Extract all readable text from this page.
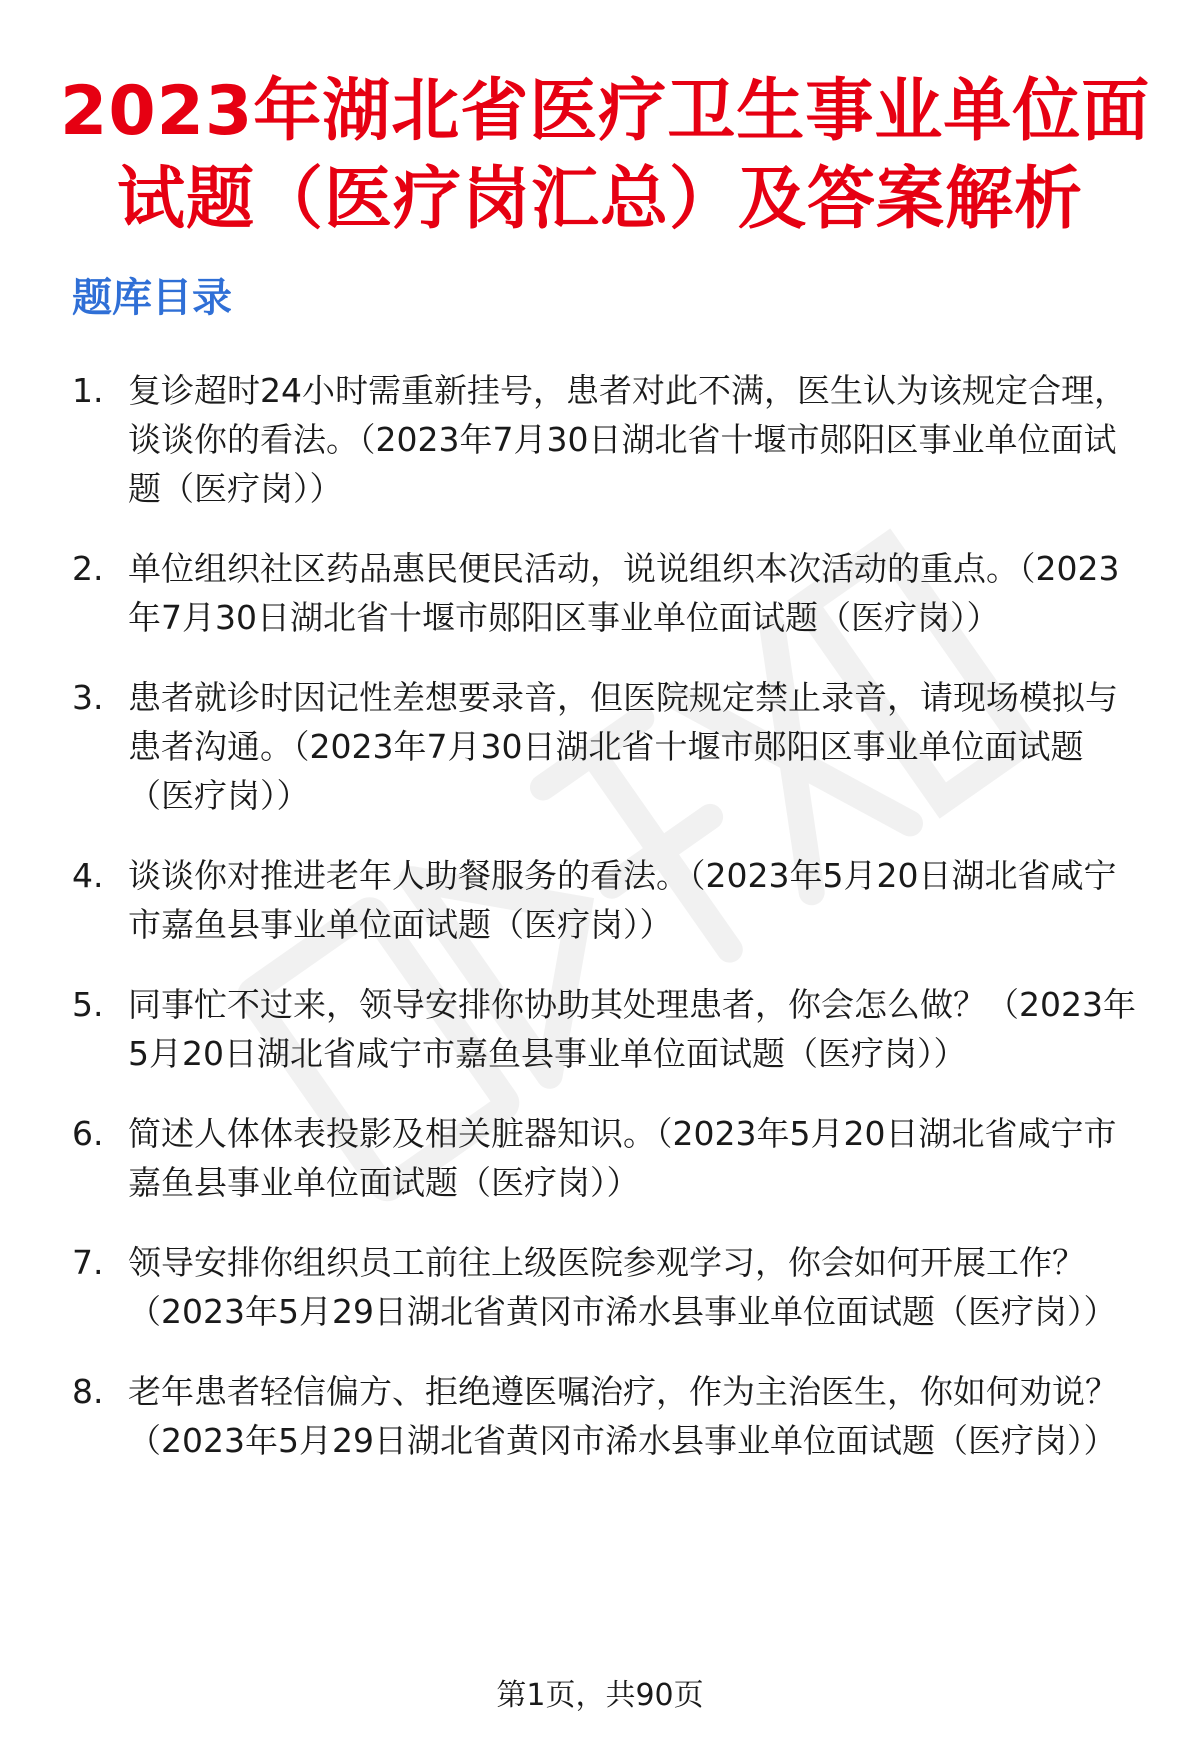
2023年湖北省医疗卫生事业单位面
试题（医疗岗汇总）及答案解析
题库目录
1. 复诊超时24小时需重新挂号，患者对此不满，医生认为该规定合理，谈谈你的看法。（2023年7月30日湖北省十堰市郧阳区事业单位面试题（医疗岗））
2. 单位组织社区药品惠民便民活动，说说组织本次活动的重点。（2023年7月30日湖北省十堰市郧阳区事业单位面试题（医疗岗））
3. 患者就诊时因记性差想要录音，但医院规定禁止录音，请现场模拟与患者沟通。（2023年7月30日湖北省十堰市郧阳区事业单位面试题（医疗岗））
4. 谈谈你对推进老年人助餐服务的看法。（2023年5月20日湖北省咸宁市嘉鱼县事业单位面试题（医疗岗））
5. 同事忙不过来，领导安排你协助其处理患者，你会怎么做？（2023年5月20日湖北省咸宁市嘉鱼县事业单位面试题（医疗岗））
6. 简述人体体表投影及相关脏器知识。（2023年5月20日湖北省咸宁市嘉鱼县事业单位面试题（医疗岗））
7. 领导安排你组织员工前往上级医院参观学习，你会如何开展工作？（2023年5月29日湖北省黄冈市浠水县事业单位面试题（医疗岗））
8. 老年患者轻信偏方、拒绝遵医嘱治疗，作为主治医生，你如何劝说？（2023年5月29日湖北省黄冈市浠水县事业单位面试题（医疗岗））
第1页，共90页
